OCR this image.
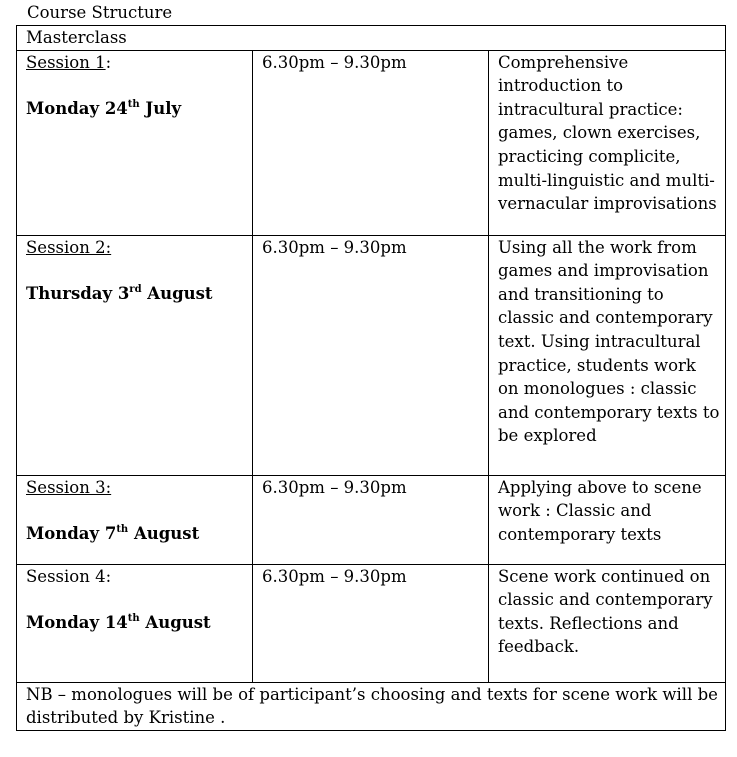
Course Structure
Masterclass		

Session 1:
Monday 24th July	6.30pm – 9.30pm	Comprehensive introduction to intracultural practice: games, clown exercises, practicing complicite, multi-linguistic and multi-vernacular improvisations

Session 2:
Thursday 3rd August	6.30pm – 9.30pm	Using all the work from games and improvisation and transitioning to classic and contemporary text. Using intracultural practice, students work on monologues : classic and contemporary texts to be explored

Session 3:
Monday 7th August	6.30pm – 9.30pm	Applying above to scene work : Classic and contemporary texts

Session 4:
Monday 14th August	6.30pm – 9.30pm	Scene work continued on classic and contemporary texts. Reflections and feedback.
NB – monologues will be of participant’s choosing and texts for scene work will be distributed by Kristine .		
